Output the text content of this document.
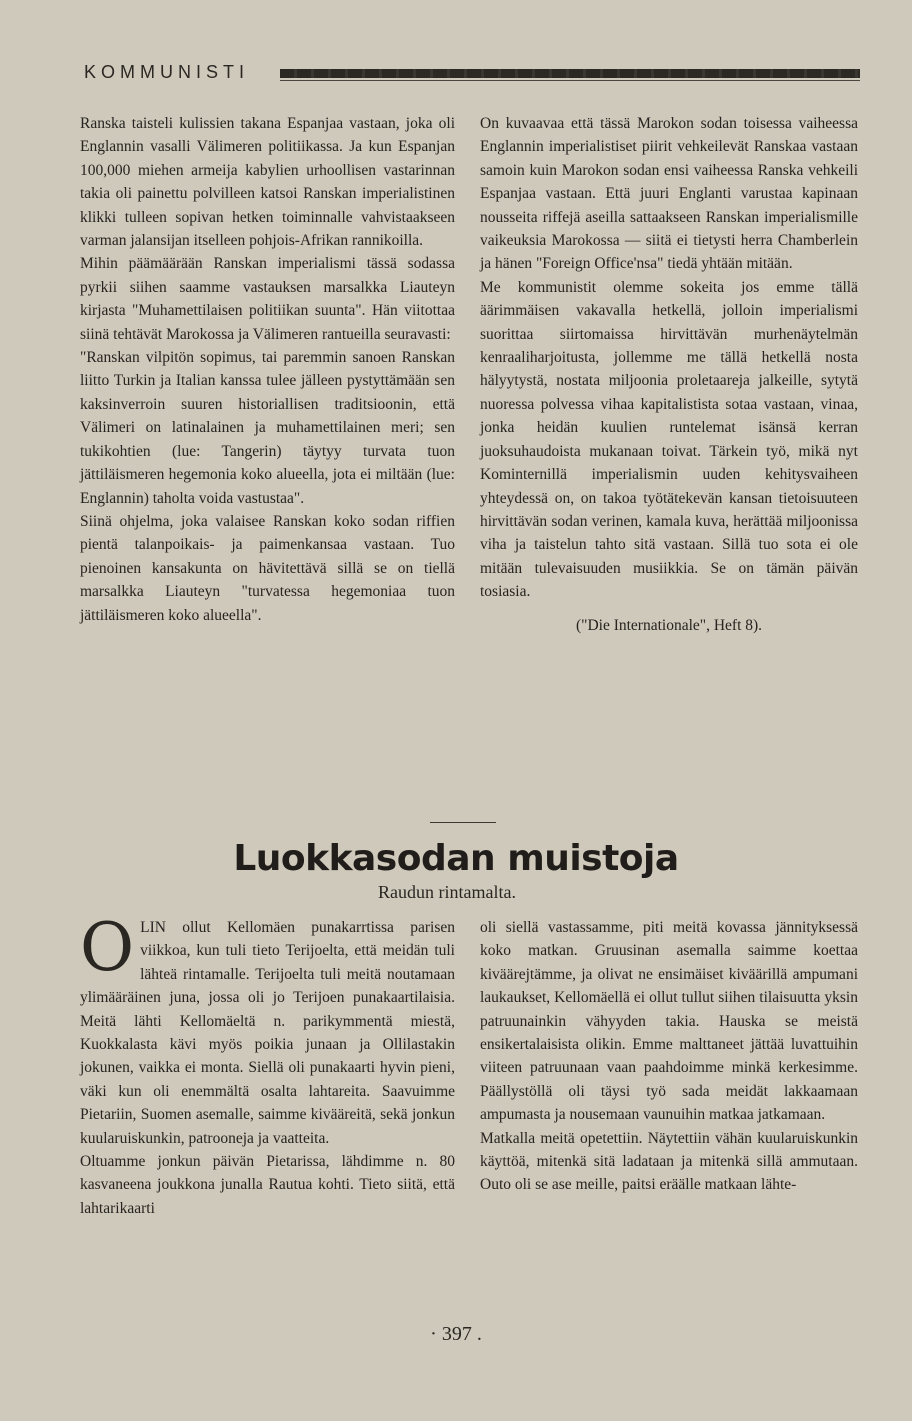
KOMMUNISTI

Ranska taisteli kulissien takana Espanjaa vastaan, joka oli Englannin vasalli Välimeren politiikassa. Ja kun Espanjan 100,000 miehen armeija kabylien urhoollisen vastarinnan takia oli painettu polvilleen katsoi Ranskan imperialistinen klikki tulleen sopivan hetken toiminnalle vahvistaakseen varman jalansijan itselleen pohjois-Afrikan rannikoilla.

Mihin päämäärään Ranskan imperialismi tässä sodassa pyrkii siihen saamme vastauksen marsalkka Liauteyn kirjasta "Muhamettilaisen politiikan suunta". Hän viitottaa siinä tehtävät Marokossa ja Välimeren rantueilla seuravasti:

"Ranskan vilpitön sopimus, tai paremmin sanoen Ranskan liitto Turkin ja Italian kanssa tulee jälleen pystyttämään sen kaksinverroin suuren historiallisen traditsioonin, että Välimeri on latinalainen ja muhamettilainen meri; sen tukikohtien (lue: Tangerin) täytyy turvata tuon jättiläismeren hegemonia koko alueella, jota ei miltään (lue: Englannin) taholta voida vastustaa".

Siinä ohjelma, joka valaisee Ranskan koko sodan riffien pientä talanpoikais- ja paimenkansaa vastaan. Tuo pienoinen kansakunta on hävitettävä sillä se on tiellä marsalkka Liauteyn "turvatessa hegemoniaa tuon jättiläismeren koko alueella".

On kuvaavaa että tässä Marokon sodan toisessa vaiheessa Englannin imperialistiset piirit vehkeilevät Ranskaa vastaan samoin kuin Marokon sodan ensi vaiheessa Ranska vehkeili Espanjaa vastaan. Että juuri Englanti varustaa kapinaan nousseita riffejä aseilla sattaakseen Ranskan imperialismille vaikeuksia Marokossa — siitä ei tietysti herra Chamberlein ja hänen "Foreign Office'nsa" tiedä yhtään mitään.

Me kommunistit olemme sokeita jos emme tällä äärimmäisen vakavalla hetkellä, jolloin imperialismi suorittaa siirtomaissa hirvittävän murhenäytelmän kenraaliharjoitusta, jollemme me tällä hetkellä nosta hälyytystä, nostata miljoonia proletaareja jalkeille, sytytä nuoressa polvessa vihaa kapitalistista sotaa vastaan, vinaa, jonka heidän kuulien runtelemat isänsä kerran juoksuhaudoista mukanaan toivat. Tärkein työ, mikä nyt Kominternillä imperialismin uuden kehitysvaiheen yhteydessä on, on takoa työtätekevän kansan tietoisuuteen hirvittävän sodan verinen, kamala kuva, herättää miljoonissa viha ja taistelun tahto sitä vastaan. Sillä tuo sota ei ole mitään tulevaisuuden musiikkia. Se on tämän päivän tosiasia.

("Die Internationale", Heft 8).

Luokkasodan muistoja
Raudun rintamalta.

OLIN ollut Kellomäen punakarrtissa parisen viikkoa, kun tuli tieto Terijoelta, että meidän tuli lähteä rintamalle. Terijoelta tuli meitä noutamaan ylimääräinen juna, jossa oli jo Terijoen punakaartilaisia. Meitä lähti Kellomäeltä n. parikymmentä miestä, Kuokkalasta kävi myös poikia junaan ja Ollilastakin jokunen, vaikka ei monta. Siellä oli punakaarti hyvin pieni, väki kun oli enemmältä osalta lahtareita. Saavuimme Pietariin, Suomen asemalle, saimme kivääreitä, sekä jonkun kuularuiskunkin, patrooneja ja vaatteita.

Oltuamme jonkun päivän Pietarissa, lähdimme n. 80 kasvaneena joukkona junalla Rautua kohti. Tieto siitä, että lahtarikaarti

oli siellä vastassamme, piti meitä kovassa jännityksessä koko matkan. Gruusinan asemalla saimme koettaa kiväärejtämme, ja olivat ne ensimäiset kiväärillä ampumani laukaukset, Kellomäellä ei ollut tullut siihen tilaisuutta yksin patruunainkin vähyyden takia. Hauska se meistä ensikertalaisista olikin. Emme malttaneet jättää luvattuihin viiteen patruunaan vaan paahdoimme minkä kerkesimme. Päällystöllä oli täysi työ sada meidät lakkaamaan ampumasta ja nousemaan vaunuihin matkaa jatkamaan.

Matkalla meitä opetettiin. Näytettiin vähän kuularuiskunkin käyttöä, mitenkä sitä ladataan ja mitenkä sillä ammutaan. Outo oli se ase meille, paitsi eräälle matkaan lähte-

· 397 .
